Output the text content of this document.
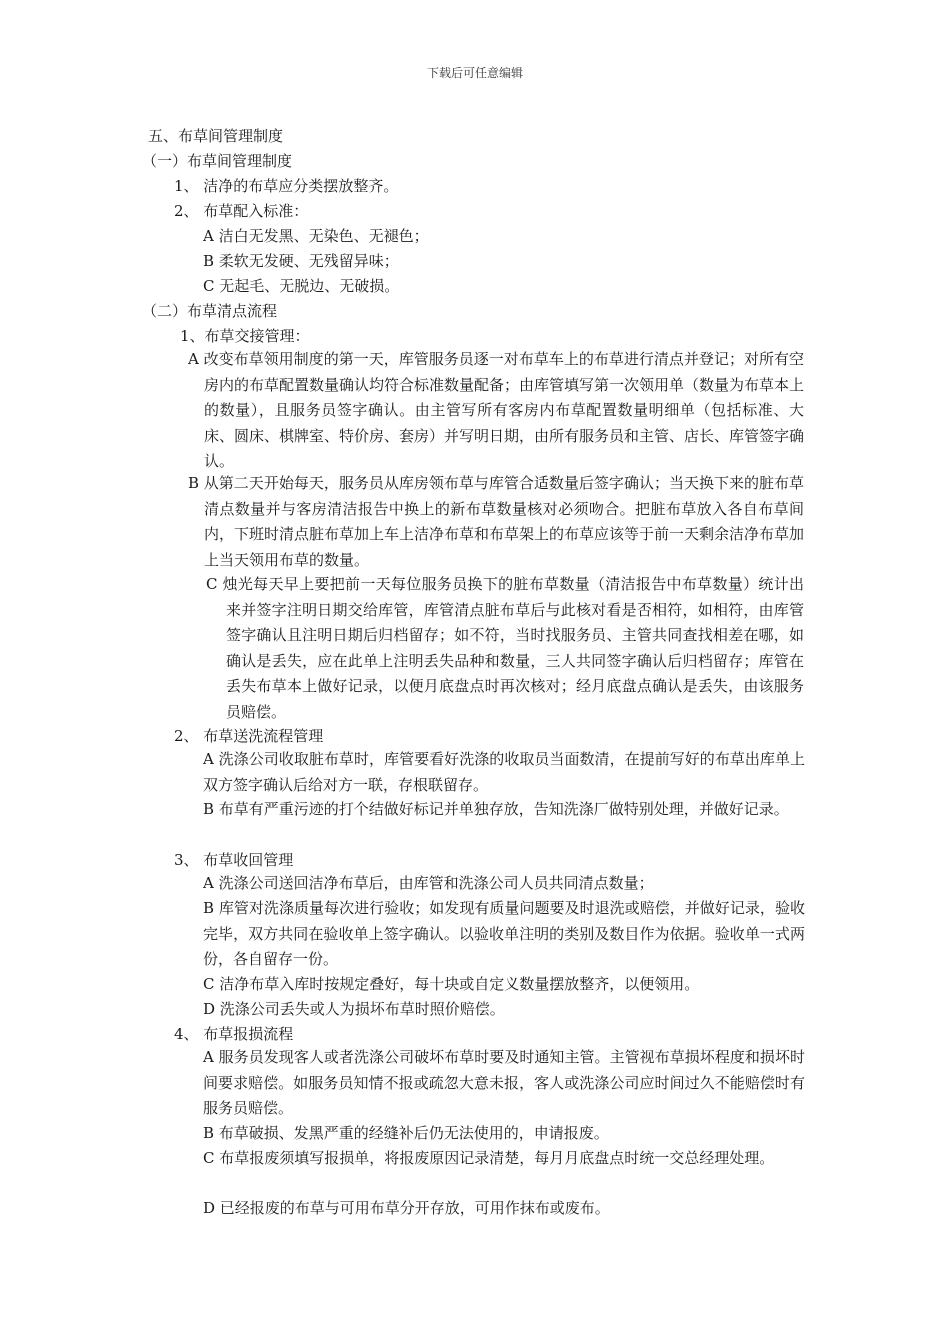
下载后可任意编辑
五、布草间管理制度
（一）布草间管理制度
1、 洁净的布草应分类摆放整齐。
2、 布草配入标准：
A 洁白无发黑、无染色、无褪色；
B 柔软无发硬、无残留异味；
C 无起毛、无脱边、无破损。
（二）布草清点流程
1、布草交接管理：
A 改变布草领用制度的第一天，库管服务员逐一对布草车上的布草进行清点并登记；对所有空房内的布草配置数量确认均符合标准数量配备；由库管填写第一次领用单（数量为布草本上的数量），且服务员签字确认。由主管写所有客房内布草配置数量明细单（包括标准、大床、圆床、棋牌室、特价房、套房）并写明日期，由所有服务员和主管、店长、库管签字确认。
B 从第二天开始每天，服务员从库房领布草与库管合适数量后签字确认；当天换下来的脏布草清点数量并与客房清洁报告中换上的新布草数量核对必须吻合。把脏布草放入各自布草间内，下班时清点脏布草加上车上洁净布草和布草架上的布草应该等于前一天剩余洁净布草加上当天领用布草的数量。
C 烛光每天早上要把前一天每位服务员换下的脏布草数量（清洁报告中布草数量）统计出来并签字注明日期交给库管，库管清点脏布草后与此核对看是否相符，如相符，由库管签字确认且注明日期后归档留存；如不符，当时找服务员、主管共同查找相差在哪，如确认是丢失，应在此单上注明丢失品种和数量，三人共同签字确认后归档留存；库管在丢失布草本上做好记录，以便月底盘点时再次核对；经月底盘点确认是丢失，由该服务员赔偿。
2、 布草送洗流程管理
A 洗涤公司收取脏布草时，库管要看好洗涤的收取员当面数清，在提前写好的布草出库单上双方签字确认后给对方一联，存根联留存。
B 布草有严重污迹的打个结做好标记并单独存放，告知洗涤厂做特别处理，并做好记录。
3、 布草收回管理
A 洗涤公司送回洁净布草后，由库管和洗涤公司人员共同清点数量；
B 库管对洗涤质量每次进行验收；如发现有质量问题要及时退洗或赔偿，并做好记录，验收完毕，双方共同在验收单上签字确认。以验收单注明的类别及数目作为依据。验收单一式两份，各自留存一份。
C 洁净布草入库时按规定叠好，每十块或自定义数量摆放整齐，以便领用。
D 洗涤公司丢失或人为损坏布草时照价赔偿。
4、 布草报损流程
A 服务员发现客人或者洗涤公司破坏布草时要及时通知主管。主管视布草损坏程度和损坏时间要求赔偿。如服务员知情不报或疏忽大意未报，客人或洗涤公司应时间过久不能赔偿时有服务员赔偿。
B 布草破损、发黑严重的经缝补后仍无法使用的，申请报废。
C 布草报废须填写报损单，将报废原因记录清楚，每月月底盘点时统一交总经理处理。
D 已经报废的布草与可用布草分开存放，可用作抹布或废布。
